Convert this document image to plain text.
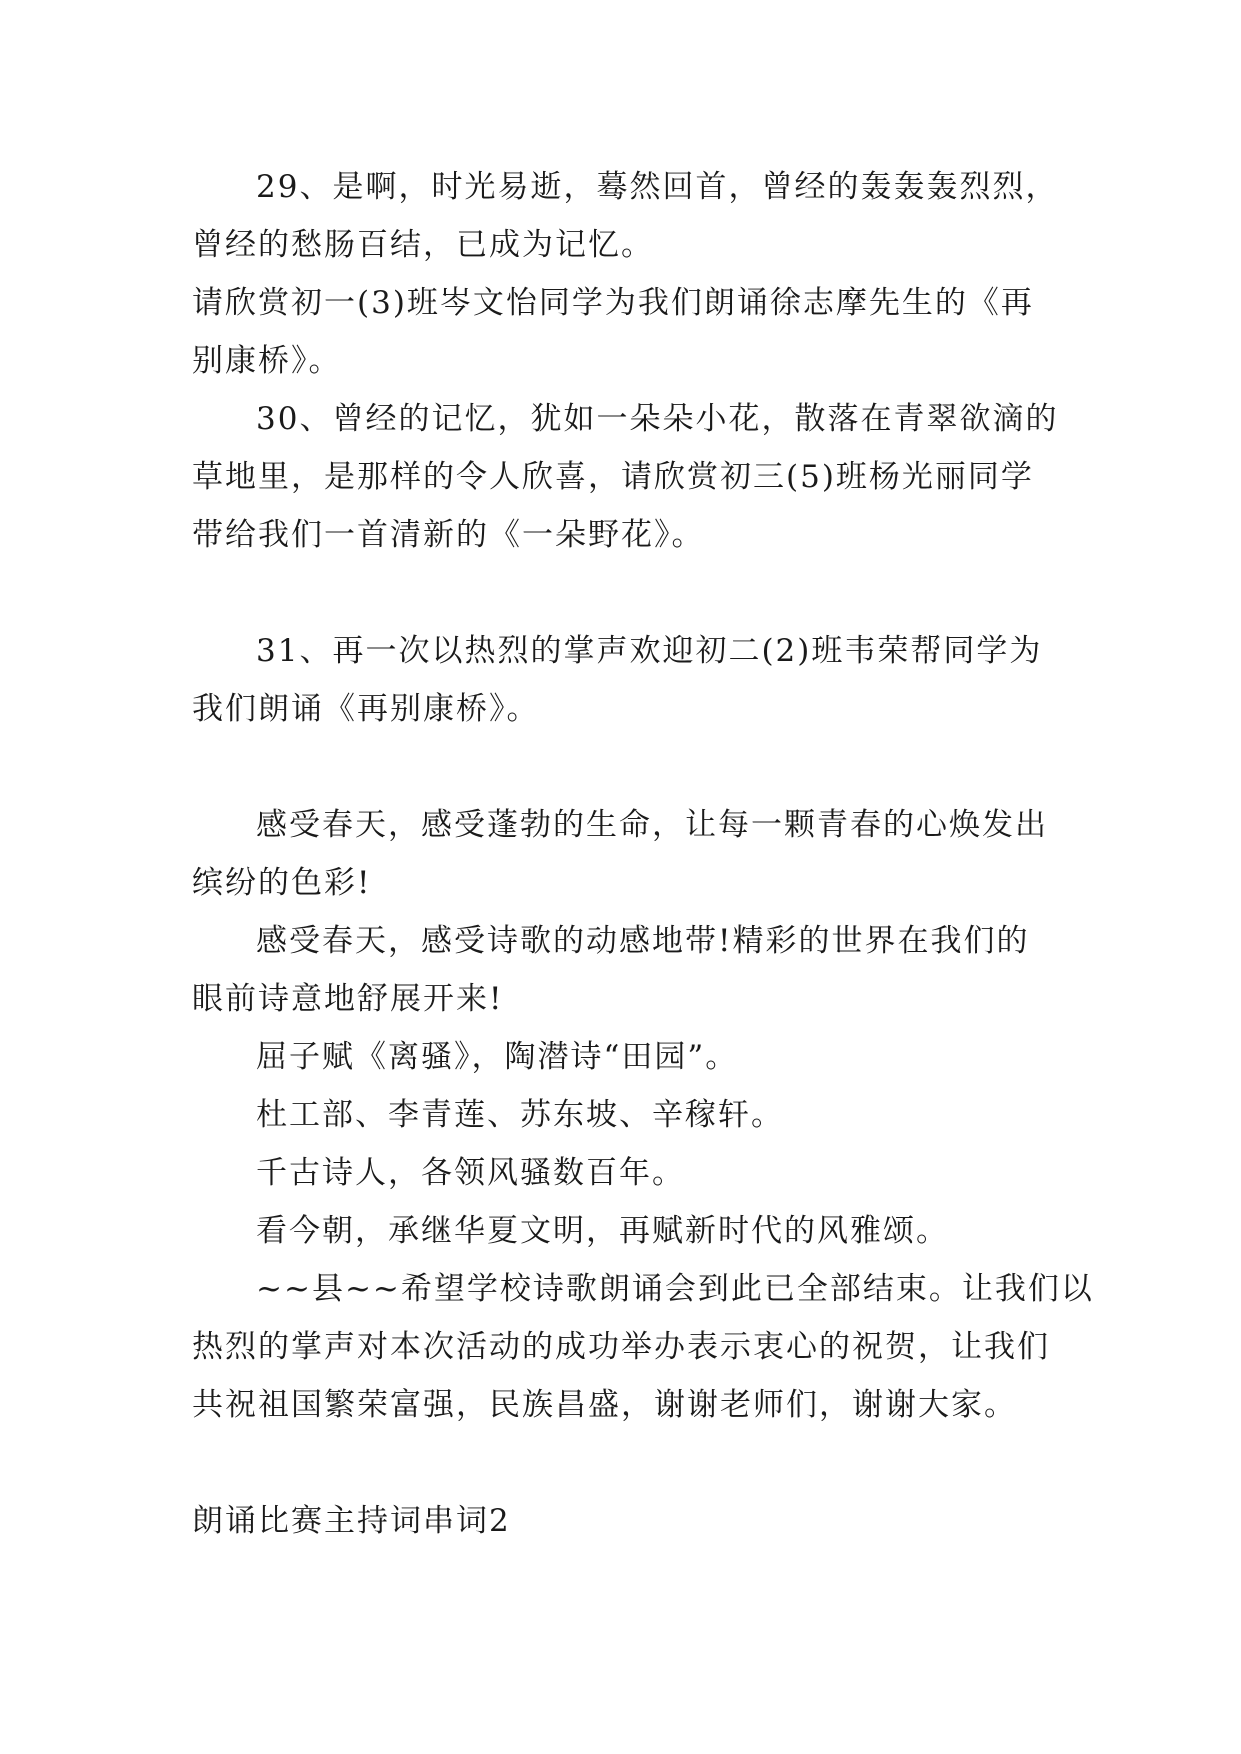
29、是啊，时光易逝，蓦然回首，曾经的轰轰轰烈烈，
曾经的愁肠百结，已成为记忆。
请欣赏初一(3)班岑文怡同学为我们朗诵徐志摩先生的《再
别康桥》。
30、曾经的记忆，犹如一朵朵小花，散落在青翠欲滴的
草地里，是那样的令人欣喜，请欣赏初三(5)班杨光丽同学
带给我们一首清新的《一朵野花》。
31、再一次以热烈的掌声欢迎初二(2)班韦荣帮同学为
我们朗诵《再别康桥》。
感受春天，感受蓬勃的生命，让每一颗青春的心焕发出
缤纷的色彩!
感受春天，感受诗歌的动感地带!精彩的世界在我们的
眼前诗意地舒展开来!
屈子赋《离骚》，陶潜诗“田园”。
杜工部、李青莲、苏东坡、辛稼轩。
千古诗人，各领风骚数百年。
看今朝，承继华夏文明，再赋新时代的风雅颂。
~~县~~希望学校诗歌朗诵会到此已全部结束。让我们以
热烈的掌声对本次活动的成功举办表示衷心的祝贺，让我们
共祝祖国繁荣富强，民族昌盛，谢谢老师们，谢谢大家。
朗诵比赛主持词串词2
